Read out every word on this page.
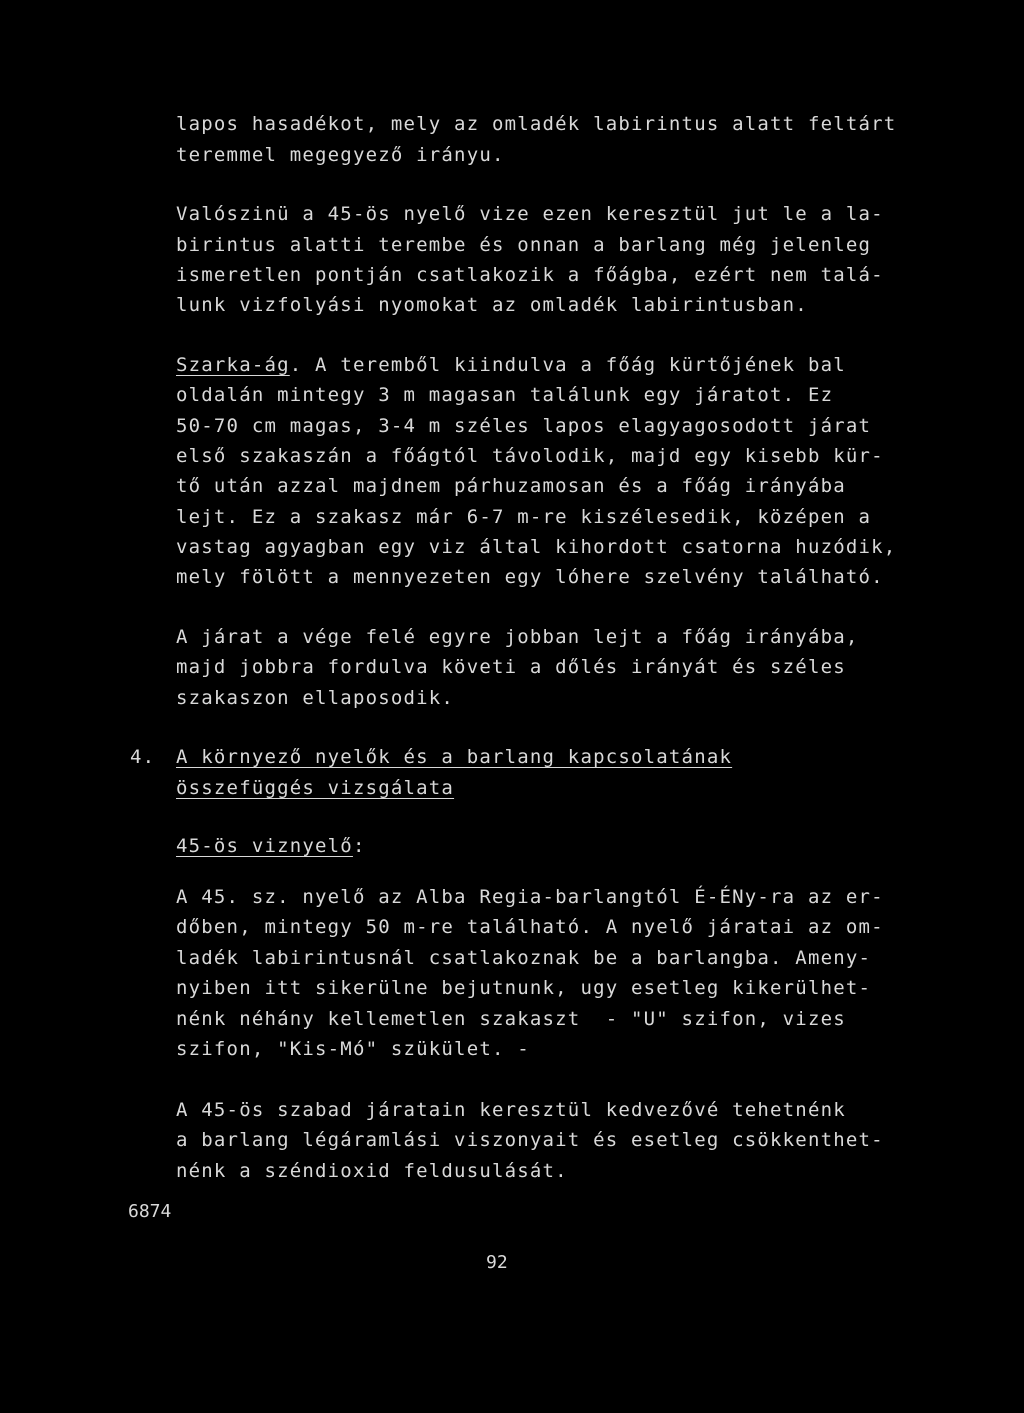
lapos hasadékot, mely az omladék labirintus alatt feltárt
teremmel megegyező irányu.
Valószinü a 45-ös nyelő vize ezen keresztül jut le a la-
birintus alatti terembe és onnan a barlang még jelenleg
ismeretlen pontján csatlakozik a főágba, ezért nem talá-
lunk vizfolyási nyomokat az omladék labirintusban.
Szarka-ág. A teremből kiindulva a főág kürtőjének bal
oldalán mintegy 3 m magasan találunk egy járatot. Ez
50-70 cm magas, 3-4 m széles lapos elagyagosodott járat
első szakaszán a főágtól távolodik, majd egy kisebb kür-
tő után azzal majdnem párhuzamosan és a főág irányába
lejt. Ez a szakasz már 6-7 m-re kiszélesedik, középen a
vastag agyagban egy viz által kihordott csatorna huzódik,
mely fölött a mennyezeten egy lóhere szelvény található.
A járat a vége felé egyre jobban lejt a főág irányába,
majd jobbra fordulva követi a dőlés irányát és széles
szakaszon ellaposodik.
4. A környező nyelők és a barlang kapcsolatának
összefüggés vizsgálata
45-ös viznyelő:
A 45. sz. nyelő az Alba Regia-barlangtól É-ÉNy-ra az er-
dőben, mintegy 50 m-re található. A nyelő járatai az om-
ladék labirintusnál csatlakoznak be a barlangba. Ameny-
nyiben itt sikerülne bejutnunk, ugy esetleg kikerülhet-
nénk néhány kellemetlen szakaszt  - "U" szifon, vizes
szifon, "Kis-Mó" szükület. -
A 45-ös szabad járatain keresztül kedvezővé tehetnénk
a barlang légáramlási viszonyait és esetleg csökkenthet-
nénk a széndioxid feldusulását.
6874
92
